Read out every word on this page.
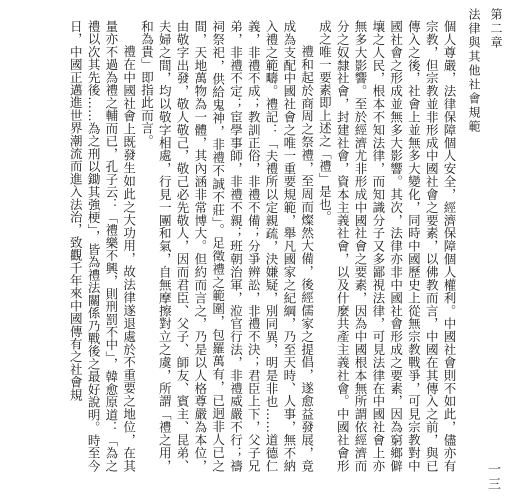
第二章
法律與其他社會規範
一三

個人尊嚴，法律保障個人安全，經濟保障個人權利。中國社會則不如此，儘亦有宗教，但宗教並非形成中國社會之要素，以佛教而言，中國在其傳入之前，與已傳入之後，社會上並無多大變化，同時中國歷史上從無宗教戰爭，可見宗教對中國社會之形成並無多大影響。其次，法律亦非中國社會形成之要素，因為窮鄉僻壤之人民，根本不知法律，而知識分子又多鄙視法律，可見法律在中國社會上亦無多大影響。至於經濟尤非形成中國社會之要素，因為中國根本無所謂依經濟而分之奴隸社會，封建社會，資本主義社會，以及什麼共產主義社會。中國社會形成之唯一要素即上述之「禮」是也。

禮和起於商周之祭禮，至周而燦然大備，後經儒家之提倡，遂愈益發展，竟成為支配中國社會之唯一重要規範，舉凡國家之紀綱，乃至天時、人事，無不納入禮之範疇。禮記：「夫禮所以定親疏，決嫌疑，別同異，明是非也……道德仁義，非禮不成；教訓正俗，非禮不備；分爭辨訟，非禮不決；君臣上下，父子兄弟，非禮不定；宦學事師，非禮不親；班朝治軍，涖官行法，非禮威嚴不行；禱祠祭祀，供給鬼神，非禮不誠不莊」。足徵禮之範圍，包羅萬有，已迥非人已之間，天地萬物為一體，其內涵非常博大。但約而言之，乃是以人格尊嚴為本位，由敬字出發，敬人敬己，敬己必先敬人，因而君臣、父子、師友、賓主、昆弟、夫婦之間，均以敬字相處，行見一團和氣，自無摩擦對立之虞，所謂「禮之用，和為貴」即指此而言。

禮在中國社會上既發生如此之大功用，故法律遂退處於不重要之地位，在其量亦不過為禮之輔而已，孔子云：「禮樂不興，則刑罰不中」，韓愈原道：「為之禮以次其先後……為之刑以鋤其強梗」，皆為禮法關係乃戰後之最好說明。時至今日，中國正邁進世界潮流而進入法治，致觀千年來中國傳有之社會規
